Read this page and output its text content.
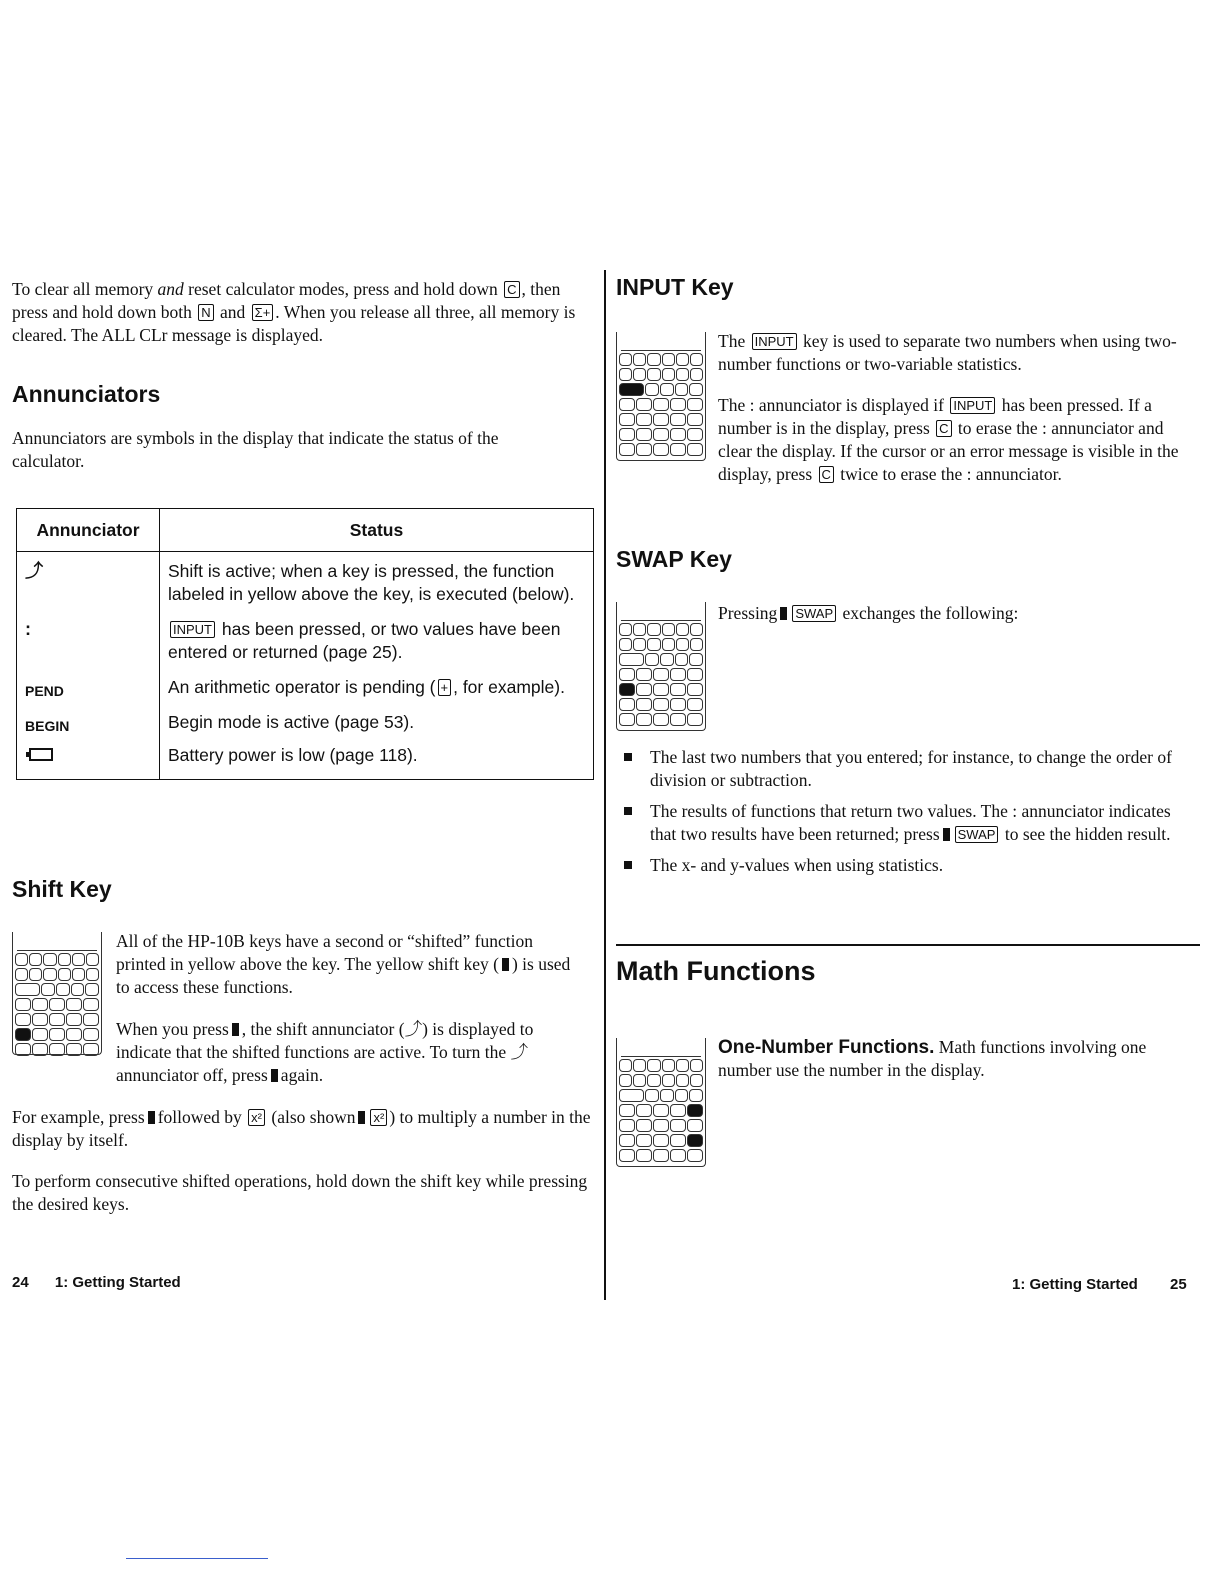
To clear all memory and reset calculator modes, press and hold down C , then press and hold down both N and Σ+ . When you release all three, all memory is cleared. The ALL CLr message is displayed.
Annunciators

Annunciators are symbols in the display that indicate the status of the calculator.

Annunciator	Status
⤴	Shift is active; when a key is pressed, the function labeled in yellow above the key, is executed (below).
:	INPUT has been pressed, or two values have been entered or returned (page 25).
PEND	An arithmetic operator is pending ( + , for example).
BEGIN	Begin mode is active (page 53).
	Battery power is low (page 118).
Shift Key

All of the HP-10B keys have a second or “shifted” function printed in yellow above the key. The yellow shift key ( ) is used to access these functions.

When you press , the shift annunciator (⤴) is displayed to indicate that the shifted functions are active. To turn the ⤴ annunciator off, press again.

For example, press followed by x² (also shown x² ) to multiply a number in the display by itself.

To perform consecutive shifted operations, hold down the shift key while pressing the desired keys.

24 1: Getting Started
INPUT Key

The INPUT key is used to separate two numbers when using two-number functions or two-variable statistics.

The : annunciator is displayed if INPUT has been pressed. If a number is in the display, press C to erase the : annunciator and clear the display. If the cursor or an error message is visible in the display, press C twice to erase the : annunciator.

SWAP Key

Pressing SWAP exchanges the following:

The last two numbers that you entered; for instance, to change the order of division or subtraction.
The results of functions that return two values. The : annunciator indicates that two results have been returned; press SWAP to see the hidden result.
The x- and y-values when using statistics.
Math Functions

One-Number Functions. Math functions involving one number use the number in the display.

1: Getting Started 25
